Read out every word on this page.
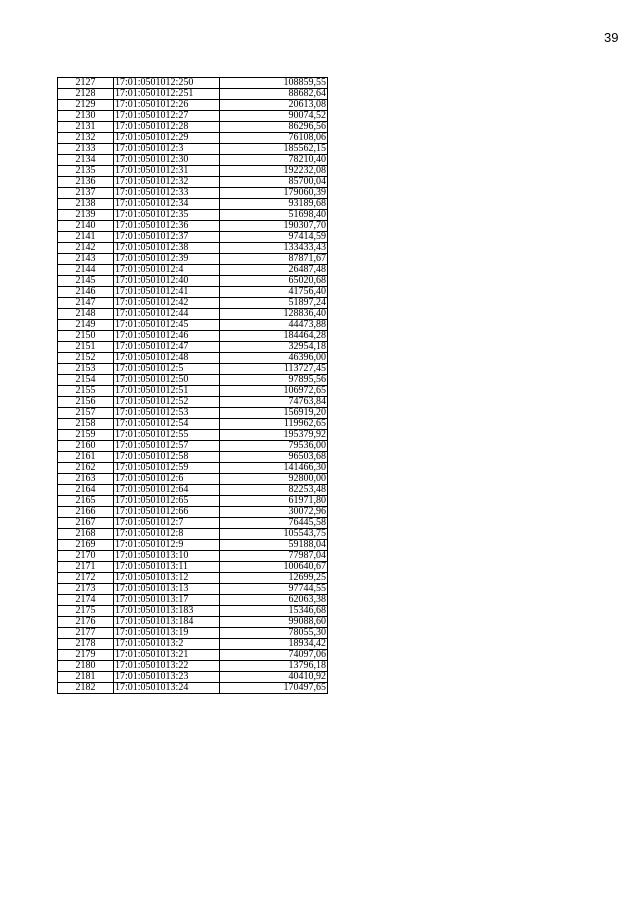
39
2127	17:01:0501012:250	108859,55
2128	17:01:0501012:251	88682,64
2129	17:01:0501012:26	20613,08
2130	17:01:0501012:27	90074,52
2131	17:01:0501012:28	86296,56
2132	17:01:0501012:29	76108,06
2133	17:01:0501012:3	185562,15
2134	17:01:0501012:30	78210,40
2135	17:01:0501012:31	192232,08
2136	17:01:0501012:32	85700,04
2137	17:01:0501012:33	179060,39
2138	17:01:0501012:34	93189,68
2139	17:01:0501012:35	51698,40
2140	17:01:0501012:36	190307,70
2141	17:01:0501012:37	97414,59
2142	17:01:0501012:38	133433,43
2143	17:01:0501012:39	87871,67
2144	17:01:0501012:4	26487,48
2145	17:01:0501012:40	65020,68
2146	17:01:0501012:41	41756,40
2147	17:01:0501012:42	51897,24
2148	17:01:0501012:44	128836,40
2149	17:01:0501012:45	44473,88
2150	17:01:0501012:46	184464,28
2151	17:01:0501012:47	32954,18
2152	17:01:0501012:48	46396,00
2153	17:01:0501012:5	113727,45
2154	17:01:0501012:50	97895,56
2155	17:01:0501012:51	106972,65
2156	17:01:0501012:52	74763,84
2157	17:01:0501012:53	156919,20
2158	17:01:0501012:54	119962,65
2159	17:01:0501012:55	195379,92
2160	17:01:0501012:57	79536,00
2161	17:01:0501012:58	96503,68
2162	17:01:0501012:59	141466,30
2163	17:01:0501012:6	92800,00
2164	17:01:0501012:64	82253,48
2165	17:01:0501012:65	61971,80
2166	17:01:0501012:66	30072,96
2167	17:01:0501012:7	76445,58
2168	17:01:0501012:8	105543,75
2169	17:01:0501012:9	59188,04
2170	17:01:0501013:10	77987,04
2171	17:01:0501013:11	100640,67
2172	17:01:0501013:12	12699,25
2173	17:01:0501013:13	97744,55
2174	17:01:0501013:17	62063,38
2175	17:01:0501013:183	15346,68
2176	17:01:0501013:184	99088,60
2177	17:01:0501013:19	78055,30
2178	17:01:0501013:2	18934,42
2179	17:01:0501013:21	74097,06
2180	17:01:0501013:22	13796,18
2181	17:01:0501013:23	40410,92
2182	17:01:0501013:24	170497,65
